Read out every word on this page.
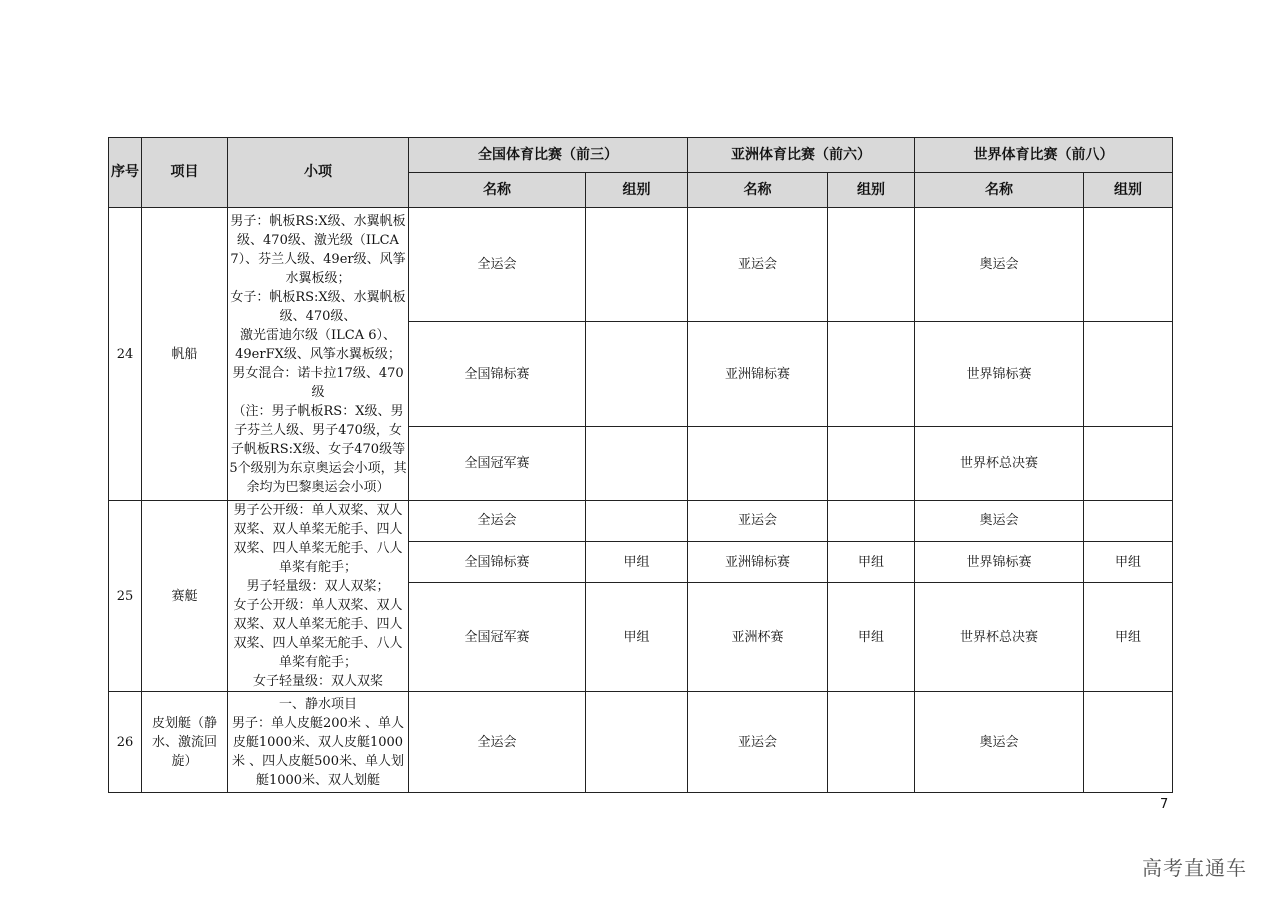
序号	项目	小项	全国体育比赛（前三）		亚洲体育比赛（前六）		世界体育比赛（前八）	
			名称	组别	名称	组别	名称	组别
24	帆船	男子：帆板RS:X级、水翼帆板级、470级、激光级（ILCA 7）、芬兰人级、49er级、风筝水翼板级；
女子：帆板RS:X级、水翼帆板级、470级、
激光雷迪尔级（ILCA 6）、49erFX级、风筝水翼板级；
男女混合：诺卡拉17级、470级
（注：男子帆板RS：X级、男子芬兰人级、男子470级，女子帆板RS:X级、女子470级等5个级别为东京奥运会小项，其余均为巴黎奥运会小项）	全运会		亚运会		奥运会	
			全国锦标赛		亚洲锦标赛		世界锦标赛	
			全国冠军赛				世界杯总决赛	
25	赛艇	男子公开级：单人双桨、双人双桨、双人单桨无舵手、四人双桨、四人单桨无舵手、八人单桨有舵手；
男子轻量级：双人双桨；
女子公开级：单人双桨、双人双桨、双人单桨无舵手、四人双桨、四人单桨无舵手、八人单桨有舵手；
女子轻量级：双人双桨	全运会		亚运会		奥运会	
			全国锦标赛	甲组	亚洲锦标赛	甲组	世界锦标赛	甲组
			全国冠军赛	甲组	亚洲杯赛	甲组	世界杯总决赛	甲组
26	皮划艇（静水、激流回旋）	一、静水项目
男子：单人皮艇200米 、单人皮艇1000米、双人皮艇1000米 、四人皮艇500米、单人划艇1000米、双人划艇	全运会		亚运会		奥运会	
7
高考直通车
